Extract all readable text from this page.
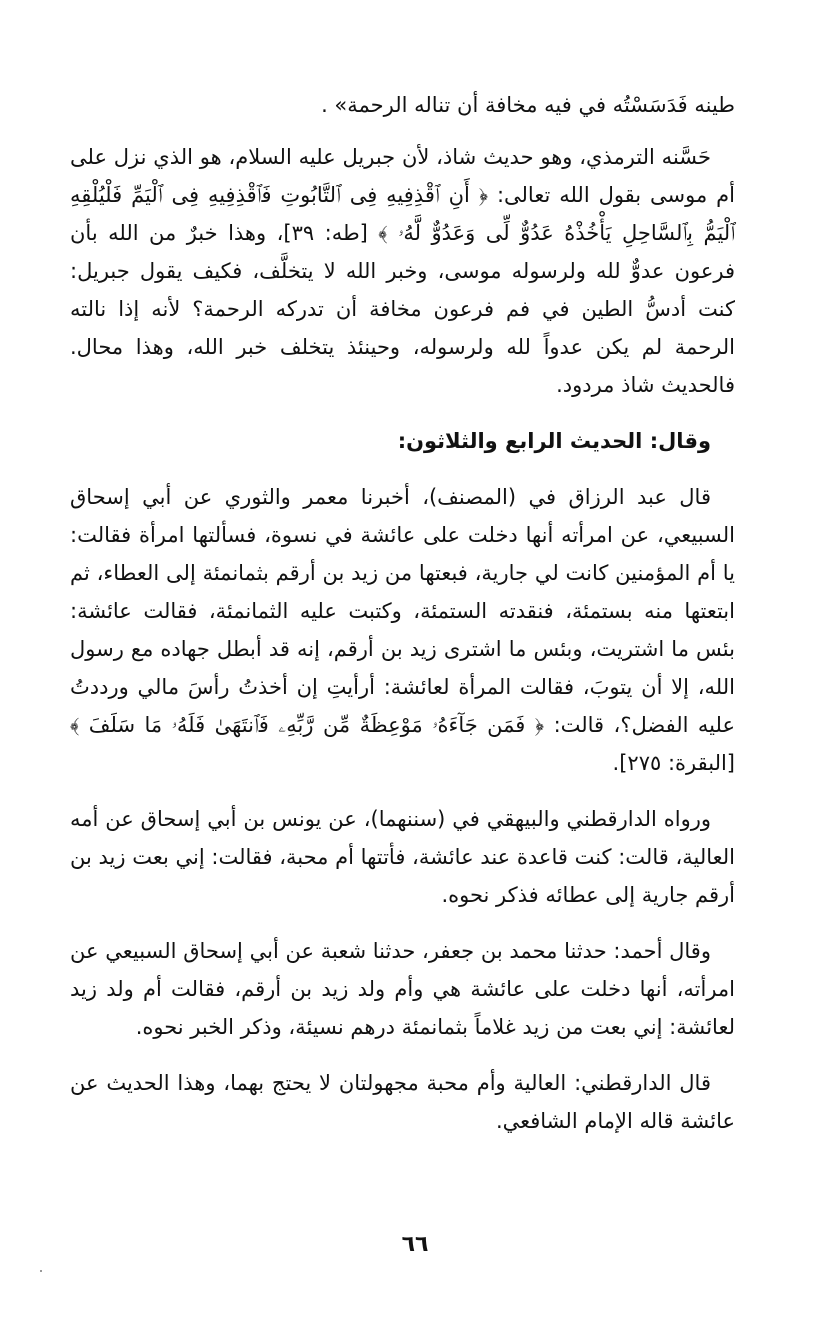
طينه فَدَسَسْتُه في فيه مخافة أن تناله الرحمة» .

حَسَّنه الترمذي، وهو حديث شاذ، لأن جبريل عليه السلام، هو الذي نزل على أم موسى بقول الله تعالى: ﴿ أَنِ ٱقْذِفِيهِ فِى ٱلتَّابُوتِ فَٱقْذِفِيهِ فِى ٱلْيَمِّ فَلْيُلْقِهِ ٱلْيَمُّ بِٱلسَّاحِلِ يَأْخُذْهُ عَدُوٌّ لِّى وَعَدُوٌّ لَّهُۥ ﴾ [طه: ٣٩]، وهذا خبرٌ من الله بأن فرعون عدوٌّ لله ولرسوله موسى، وخبر الله لا يتخلَّف، فكيف يقول جبريل: كنت أدسُّ الطين في فم فرعون مخافة أن تدركه الرحمة؟ لأنه إذا نالته الرحمة لم يكن عدواً لله ولرسوله، وحينئذ يتخلف خبر الله، وهذا محال. فالحديث شاذ مردود.

وقال: الحديث الرابع والثلاثون:

قال عبد الرزاق في (المصنف)، أخبرنا معمر والثوري عن أبي إسحاق السبيعي، عن امرأته أنها دخلت على عائشة في نسوة، فسألتها امرأة فقالت: يا أم المؤمنين كانت لي جارية، فبعتها من زيد بن أرقم بثمانمئة إلى العطاء، ثم ابتعتها منه بستمئة، فنقدته الستمئة، وكتبت عليه الثمانمئة، فقالت عائشة: بئس ما اشتريت، وبئس ما اشترى زيد بن أرقم، إنه قد أبطل جهاده مع رسول الله، إلا أن يتوبَ، فقالت المرأة لعائشة: أرأيتِ إن أخذتُ رأسَ مالي ورددتُ عليه الفضل؟، قالت: ﴿ فَمَن جَآءَهُۥ مَوْعِظَةٌ مِّن رَّبِّهِۦ فَٱنتَهَىٰ فَلَهُۥ مَا سَلَفَ ﴾ [البقرة: ٢٧٥].

ورواه الدارقطني والبيهقي في (سننهما)، عن يونس بن أبي إسحاق عن أمه العالية، قالت: كنت قاعدة عند عائشة، فأتتها أم محبة، فقالت: إني بعت زيد بن أرقم جارية إلى عطائه فذكر نحوه.

وقال أحمد: حدثنا محمد بن جعفر، حدثنا شعبة عن أبي إسحاق السبيعي عن امرأته، أنها دخلت على عائشة هي وأم ولد زيد بن أرقم، فقالت أم ولد زيد لعائشة: إني بعت من زيد غلاماً بثمانمئة درهم نسيئة، وذكر الخبر نحوه.

قال الدارقطني: العالية وأم محبة مجهولتان لا يحتج بهما، وهذا الحديث عن عائشة قاله الإمام الشافعي.

٦٦
